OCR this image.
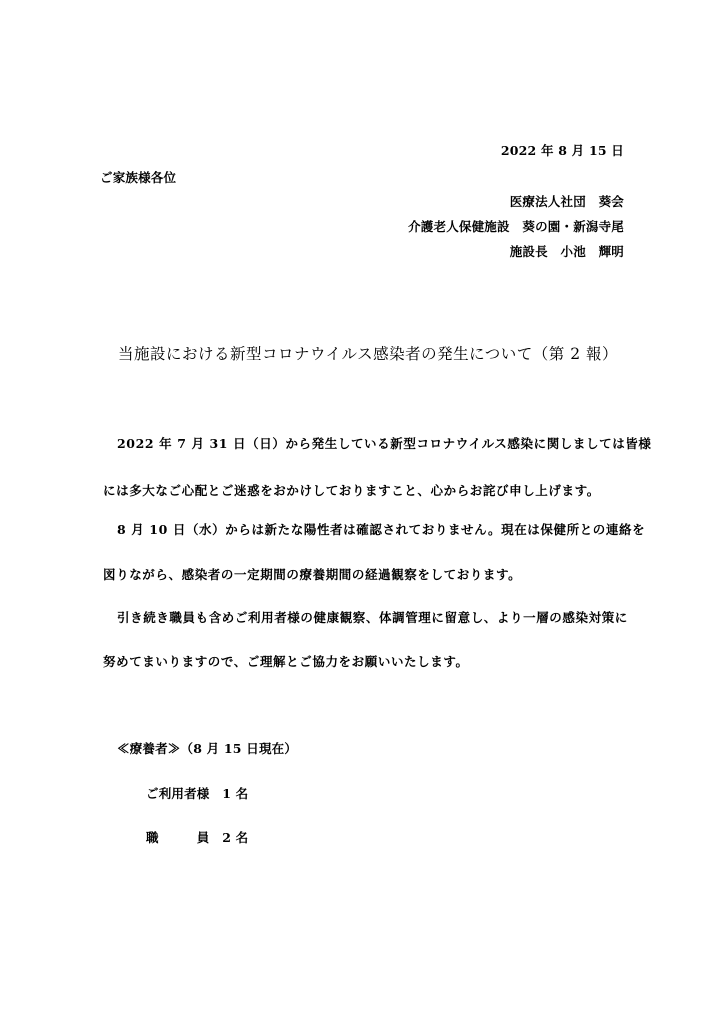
2022 年 8 月 15 日
ご家族様各位
医療法人社団　葵会
介護老人保健施設　葵の園・新潟寺尾
施設長　小池　輝明
当施設における新型コロナウイルス感染者の発生について（第 2 報）
2022 年 7 月 31 日（日）から発生している新型コロナウイルス感染に関しましては皆様
には多大なご心配とご迷惑をおかけしておりますこと、心からお詫び申し上げます。
8 月 10 日（水）からは新たな陽性者は確認されておりません。現在は保健所との連絡を
図りながら、感染者の一定期間の療養期間の経過観察をしております。
引き続き職員も含めご利用者様の健康観察、体調管理に留意し、より一層の感染対策に
努めてまいりますので、ご理解とご協力をお願いいたします。
≪療養者≫（8 月 15 日現在）
ご利用者様　1 名
職　　　員　2 名
